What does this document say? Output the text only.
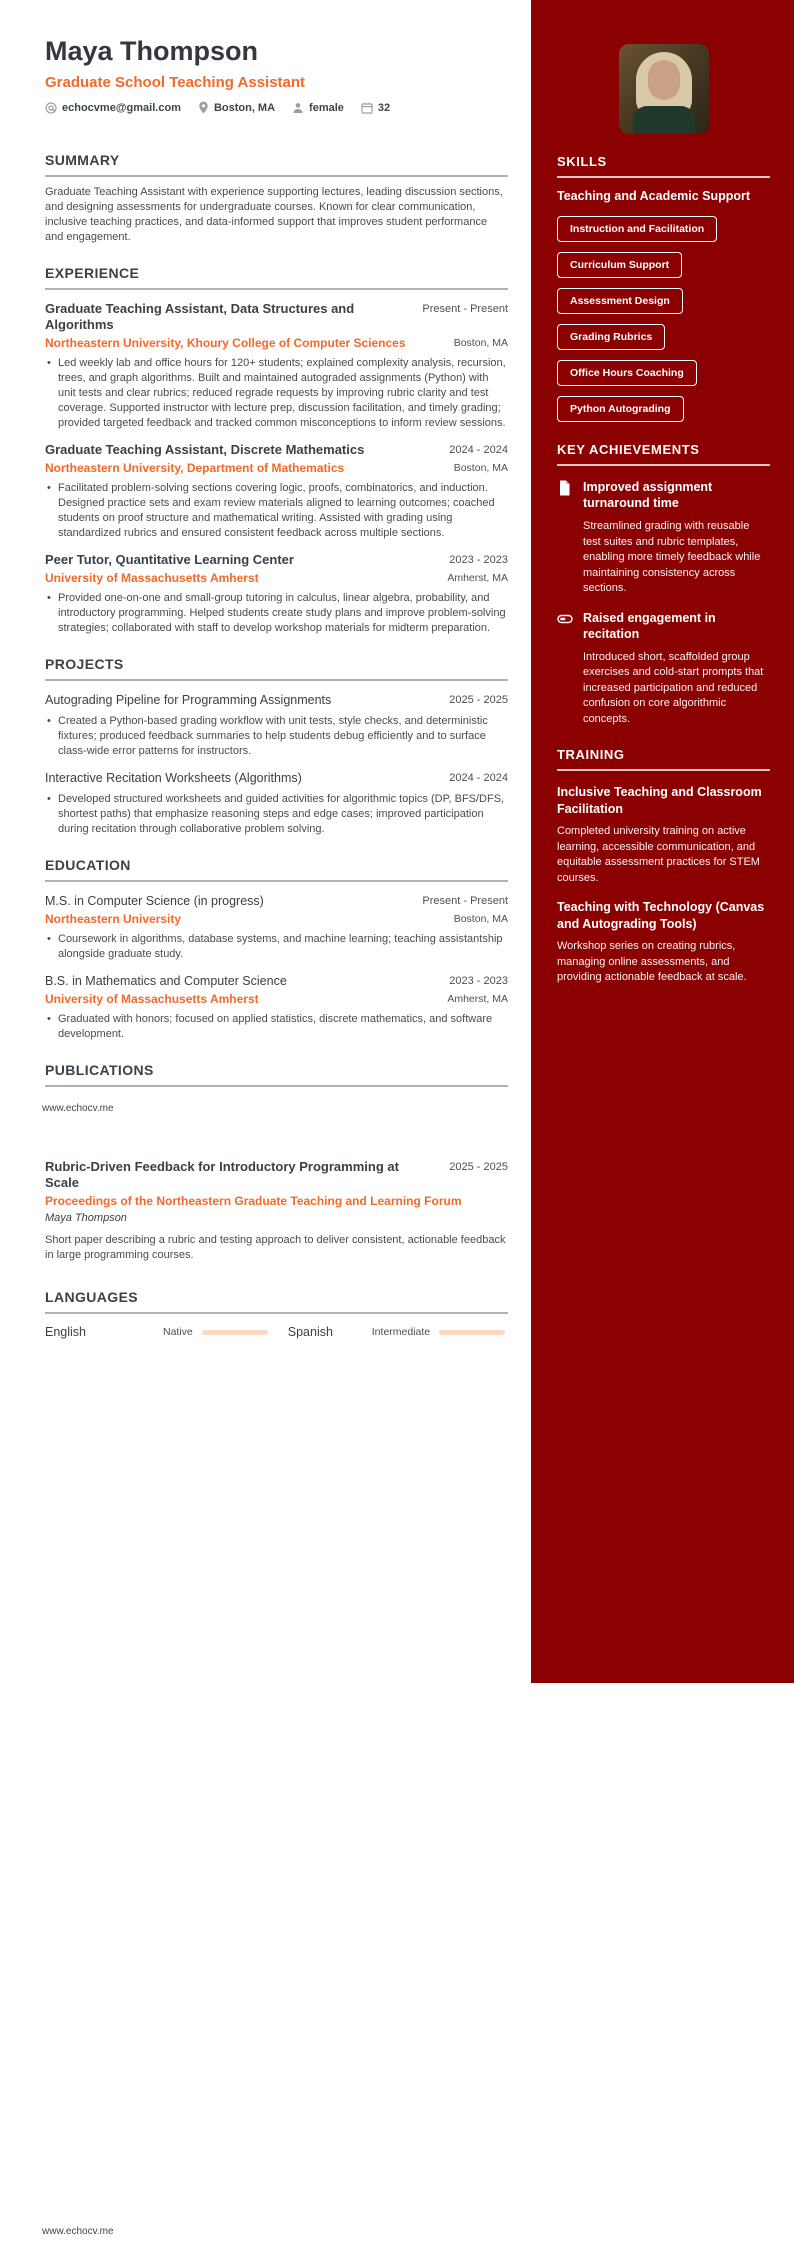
SKILLS
Teaching and Academic Support
Instruction and Facilitation
Curriculum Support
Assessment Design
Grading Rubrics
Office Hours Coaching
Python Autograding
KEY ACHIEVEMENTS
Improved assignment turnaround time
Streamlined grading with reusable test suites and rubric templates, enabling more timely feedback while maintaining consistency across sections.
Raised engagement in recitation
Introduced short, scaffolded group exercises and cold-start prompts that increased participation and reduced confusion on core algorithmic concepts.
TRAINING
Inclusive Teaching and Classroom Facilitation
Completed university training on active learning, accessible communication, and equitable assessment practices for STEM courses.
Teaching with Technology (Canvas and Autograding Tools)
Workshop series on creating rubrics, managing online assessments, and providing actionable feedback at scale.
Maya Thompson
Graduate School Teaching Assistant
echocvme@gmail.com	Boston, MA	female	32
SUMMARY
Graduate Teaching Assistant with experience supporting lectures, leading discussion sections, and designing assessments for undergraduate courses. Known for clear communication, inclusive teaching practices, and data-informed support that improves student performance and engagement.
EXPERIENCE
Graduate Teaching Assistant, Data Structures and Algorithms
Present - Present
Northeastern University, Khoury College of Computer Sciences	Boston, MA
• Led weekly lab and office hours for 120+ students; explained complexity analysis, recursion, trees, and graph algorithms. Built and maintained autograded assignments (Python) with unit tests and clear rubrics; reduced regrade requests by improving rubric clarity and test coverage. Supported instructor with lecture prep, discussion facilitation, and timely grading; provided targeted feedback and tracked common misconceptions to inform review sessions.
Graduate Teaching Assistant, Discrete Mathematics	2024 - 2024
Northeastern University, Department of Mathematics	Boston, MA
• Facilitated problem-solving sections covering logic, proofs, combinatorics, and induction. Designed practice sets and exam review materials aligned to learning outcomes; coached students on proof structure and mathematical writing. Assisted with grading using standardized rubrics and ensured consistent feedback across multiple sections.
Peer Tutor, Quantitative Learning Center	2023 - 2023
University of Massachusetts Amherst	Amherst, MA
• Provided one-on-one and small-group tutoring in calculus, linear algebra, probability, and introductory programming. Helped students create study plans and improve problem-solving strategies; collaborated with staff to develop workshop materials for midterm preparation.
PROJECTS
Autograding Pipeline for Programming Assignments	2025 - 2025
• Created a Python-based grading workflow with unit tests, style checks, and deterministic fixtures; produced feedback summaries to help students debug efficiently and to surface class-wide error patterns for instructors.
Interactive Recitation Worksheets (Algorithms)	2024 - 2024
• Developed structured worksheets and guided activities for algorithmic topics (DP, BFS/DFS, shortest paths) that emphasize reasoning steps and edge cases; improved participation during recitation through collaborative problem solving.
EDUCATION
M.S. in Computer Science (in progress)	Present - Present
Northeastern University	Boston, MA
• Coursework in algorithms, database systems, and machine learning; teaching assistantship alongside graduate study.
B.S. in Mathematics and Computer Science	2023 - 2023
University of Massachusetts Amherst	Amherst, MA
• Graduated with honors; focused on applied statistics, discrete mathematics, and software development.
PUBLICATIONS
Rubric-Driven Feedback for Introductory Programming at Scale
2025 - 2025
Proceedings of the Northeastern Graduate Teaching and Learning Forum
Maya Thompson
Short paper describing a rubric and testing approach to deliver consistent, actionable feedback in large programming courses.
LANGUAGES
English	Native	Spanish	Intermediate
www.echocv.me
www.echocv.me
